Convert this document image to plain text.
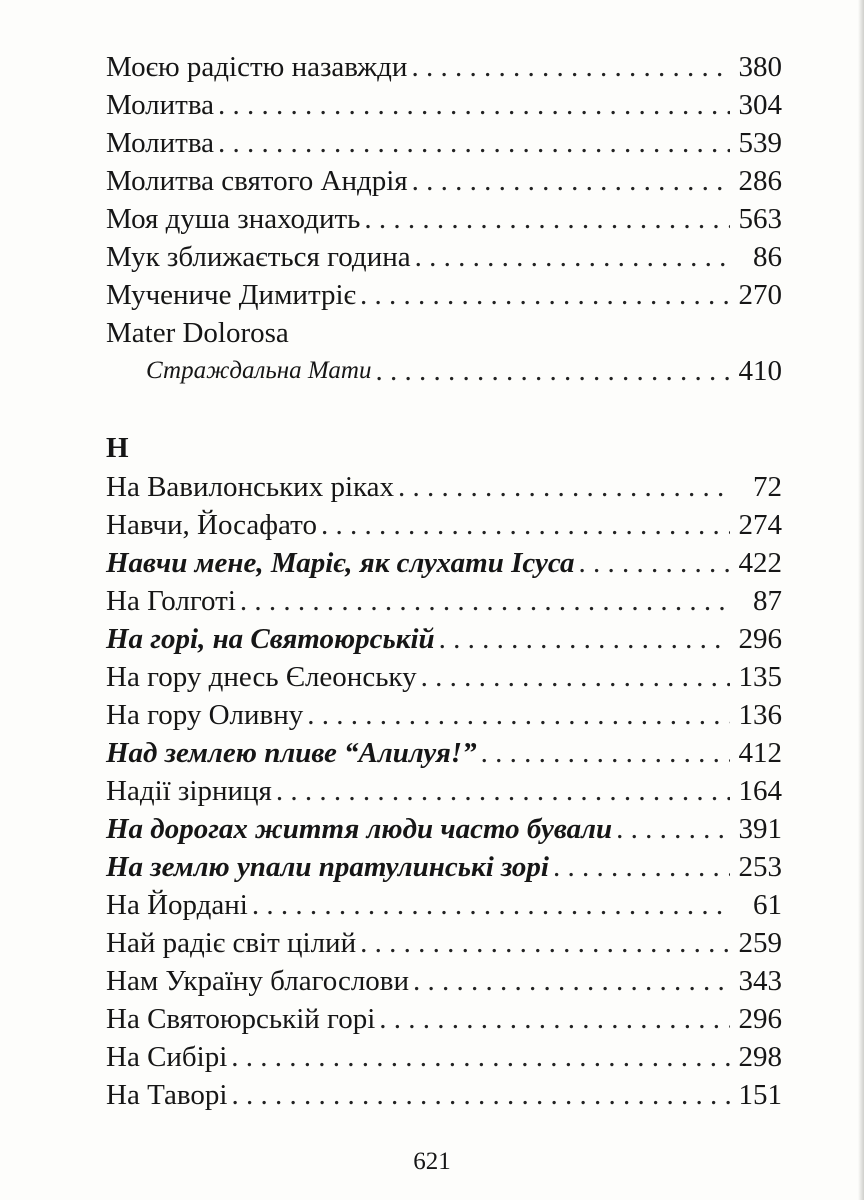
Моєю радістю назавжди . . .	380
Молитва . . .	304
Молитва . . .	539
Молитва святого Андрія . . .	286
Моя душа знаходить . . .	563
Мук зближається година . . .	86
Мучениче Димитріє . . .	270
Mater Dolorosa
Страждальна Мати . . .	410
Н
На Вавилонських ріках . . .	72
Навчи, Йосафато . . .	274
Навчи мене, Маріє, як слухати Ісуса . . .	422
На Голготі . . .	87
На горі, на Святоюрській . . .	296
На гору днесь Єлеонську . . .	135
На гору Оливну . . .	136
Над землею пливе “Алилуя!” . . .	412
Надії зірниця . . .	164
На дорогах життя люди часто бували . . .	391
На землю упали пратулинські зорі . . .	253
На Йордані . . .	61
Най радіє світ цілий . . .	259
Нам Україну благослови . . .	343
На Святоюрській горі . . .	296
На Сибірі . . .	298
На Таворі . . .	151
621
